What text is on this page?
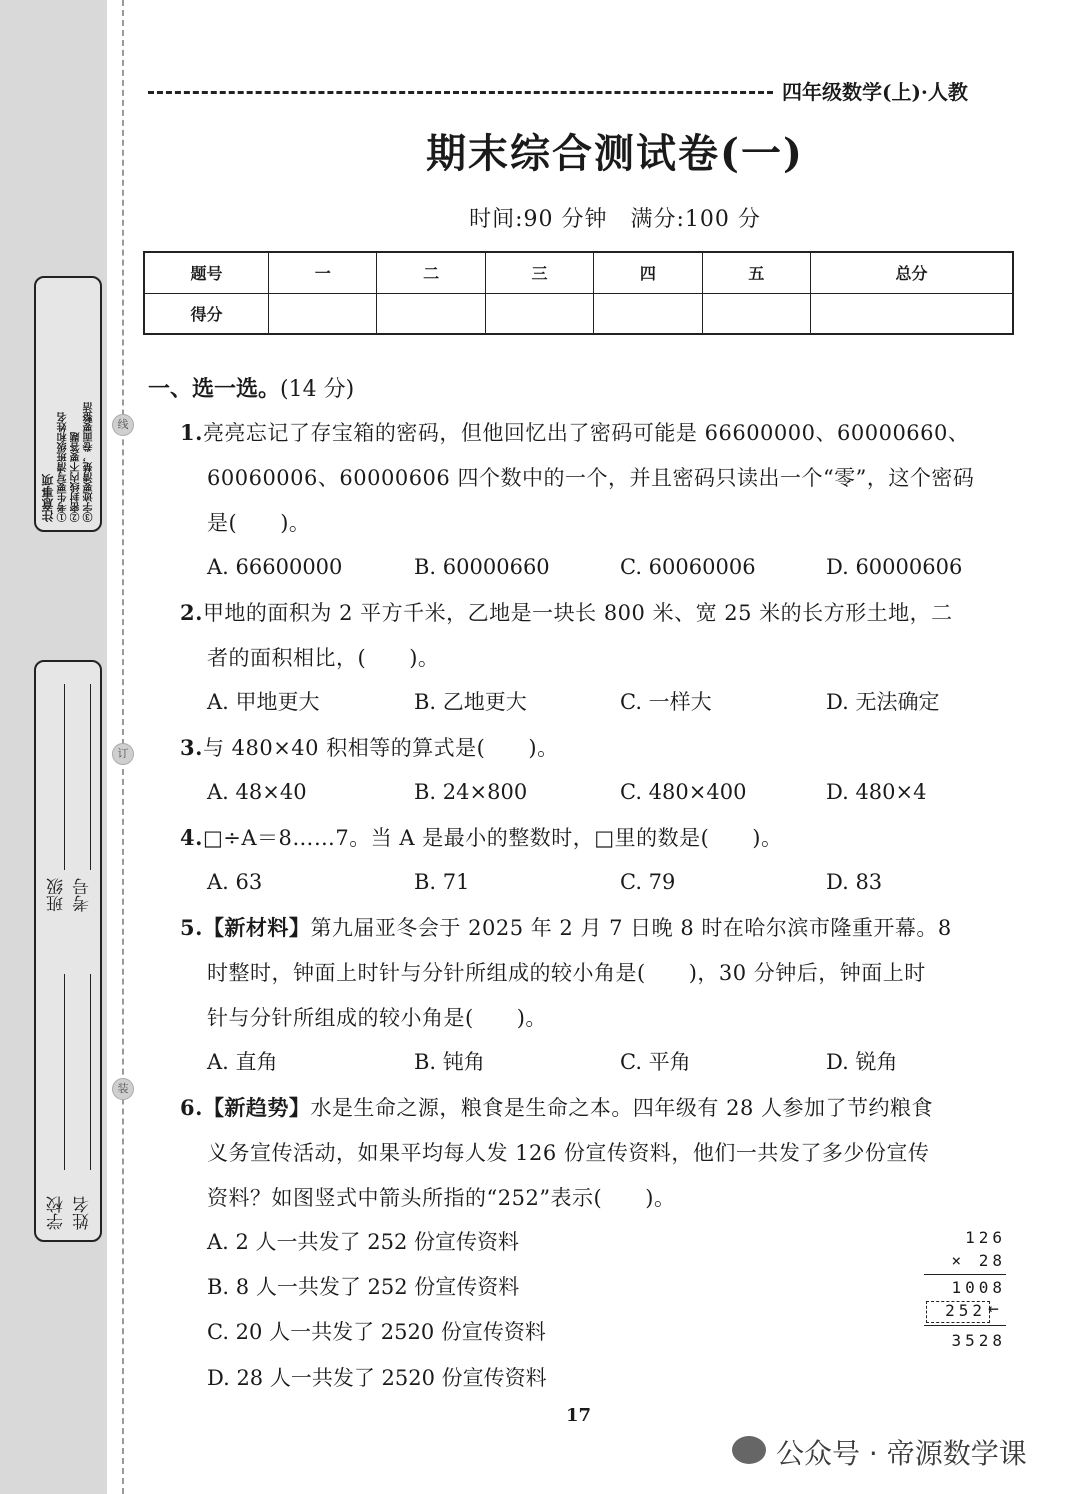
线
订
装
注意事项 ①考生要写清班级和姓名 ②密封线内不要答题 ③字迹要清楚，卷面要整洁
学校 姓名
班级 考号
四年级数学(上)·人教
期末综合测试卷(一)
时间:90 分钟　满分:100 分
题号	一	二	三	四	五	总分
得分						
一、选一选。(14 分)
1.亮亮忘记了存宝箱的密码，但他回忆出了密码可能是 66600000、60000660、
60060006、60000606 四个数中的一个，并且密码只读出一个“零”，这个密码
是(　　)。
A. 66600000	B. 60000660	C. 60060006	D. 60000606
2.甲地的面积为 2 平方千米，乙地是一块长 800 米、宽 25 米的长方形土地，二
者的面积相比，(　　)。
A. 甲地更大	B. 乙地更大	C. 一样大	D. 无法确定
3.与 480×40 积相等的算式是(　　)。
A. 48×40	B. 24×800	C. 480×400	D. 480×4
4.□÷A＝8……7。当 A 是最小的整数时，□里的数是(　　)。
A. 63	B. 71	C. 79	D. 83
5.【新材料】第九届亚冬会于 2025 年 2 月 7 日晚 8 时在哈尔滨市隆重开幕。8
时整时，钟面上时针与分针所组成的较小角是(　　)，30 分钟后，钟面上时
针与分针所组成的较小角是(　　)。
A. 直角	B. 钝角	C. 平角	D. 锐角
6.【新趋势】水是生命之源，粮食是生命之本。四年级有 28 人参加了节约粮食
义务宣传活动，如果平均每人发 126 份宣传资料，他们一共发了多少份宣传
资料？如图竖式中箭头所指的“252”表示(　　)。
A. 2 人一共发了 252 份宣传资料
B. 8 人一共发了 252 份宣传资料
C. 20 人一共发了 2520 份宣传资料
D. 28 人一共发了 2520 份宣传资料
126
× 28
1008
252 ←
3528
17
公众号 · 帝源数学课
